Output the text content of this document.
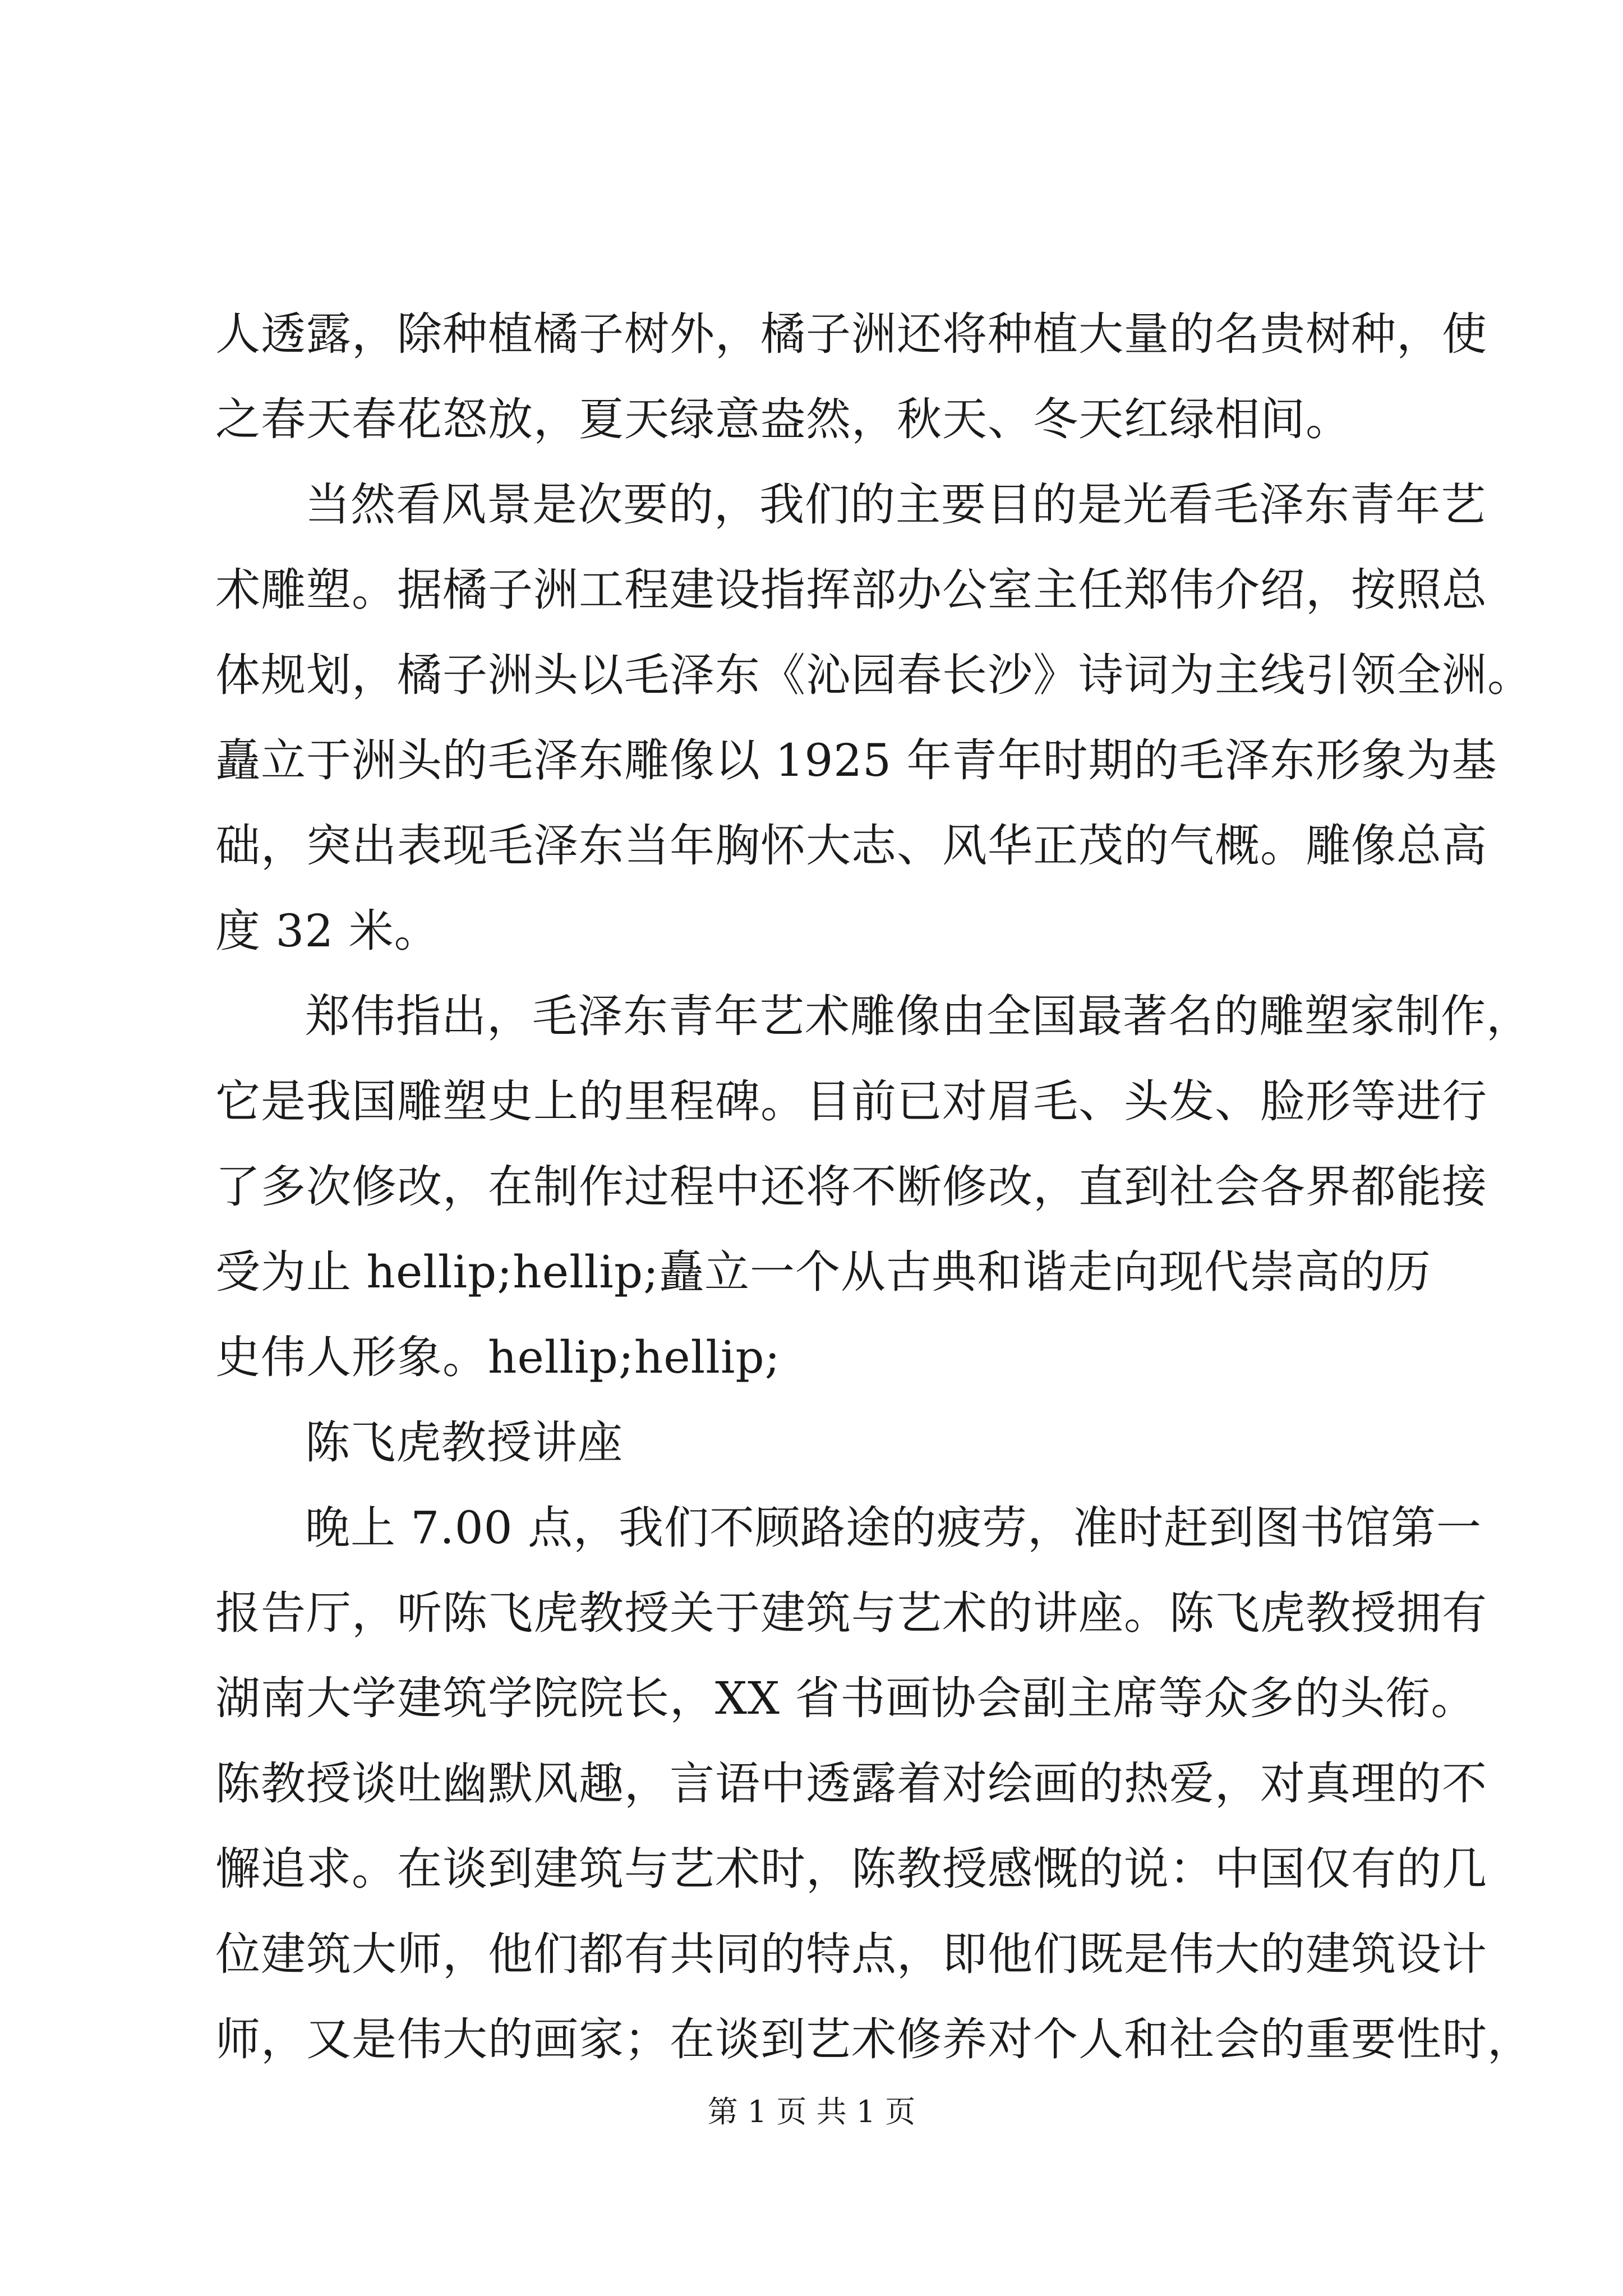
人透露，除种植橘子树外，橘子洲还将种植大量的名贵树种，使
之春天春花怒放，夏天绿意盎然，秋天、冬天红绿相间。
当然看风景是次要的，我们的主要目的是光看毛泽东青年艺
术雕塑。据橘子洲工程建设指挥部办公室主任郑伟介绍，按照总
体规划，橘子洲头以毛泽东《沁园春长沙》诗词为主线引领全洲。
矗立于洲头的毛泽东雕像以 1925 年青年时期的毛泽东形象为基
础，突出表现毛泽东当年胸怀大志、风华正茂的气概。雕像总高
度 32 米。
郑伟指出，毛泽东青年艺术雕像由全国最著名的雕塑家制作，
它是我国雕塑史上的里程碑。目前已对眉毛、头发、脸形等进行
了多次修改，在制作过程中还将不断修改，直到社会各界都能接
受为止 hellip;hellip;矗立一个从古典和谐走向现代崇高的历
史伟人形象。hellip;hellip;
陈飞虎教授讲座
晚上 7.00 点，我们不顾路途的疲劳，准时赶到图书馆第一
报告厅，听陈飞虎教授关于建筑与艺术的讲座。陈飞虎教授拥有
湖南大学建筑学院院长，XX 省书画协会副主席等众多的头衔。
陈教授谈吐幽默风趣，言语中透露着对绘画的热爱，对真理的不
懈追求。在谈到建筑与艺术时，陈教授感慨的说：中国仅有的几
位建筑大师，他们都有共同的特点，即他们既是伟大的建筑设计
师，又是伟大的画家；在谈到艺术修养对个人和社会的重要性时，
第 1 页 共 1 页
